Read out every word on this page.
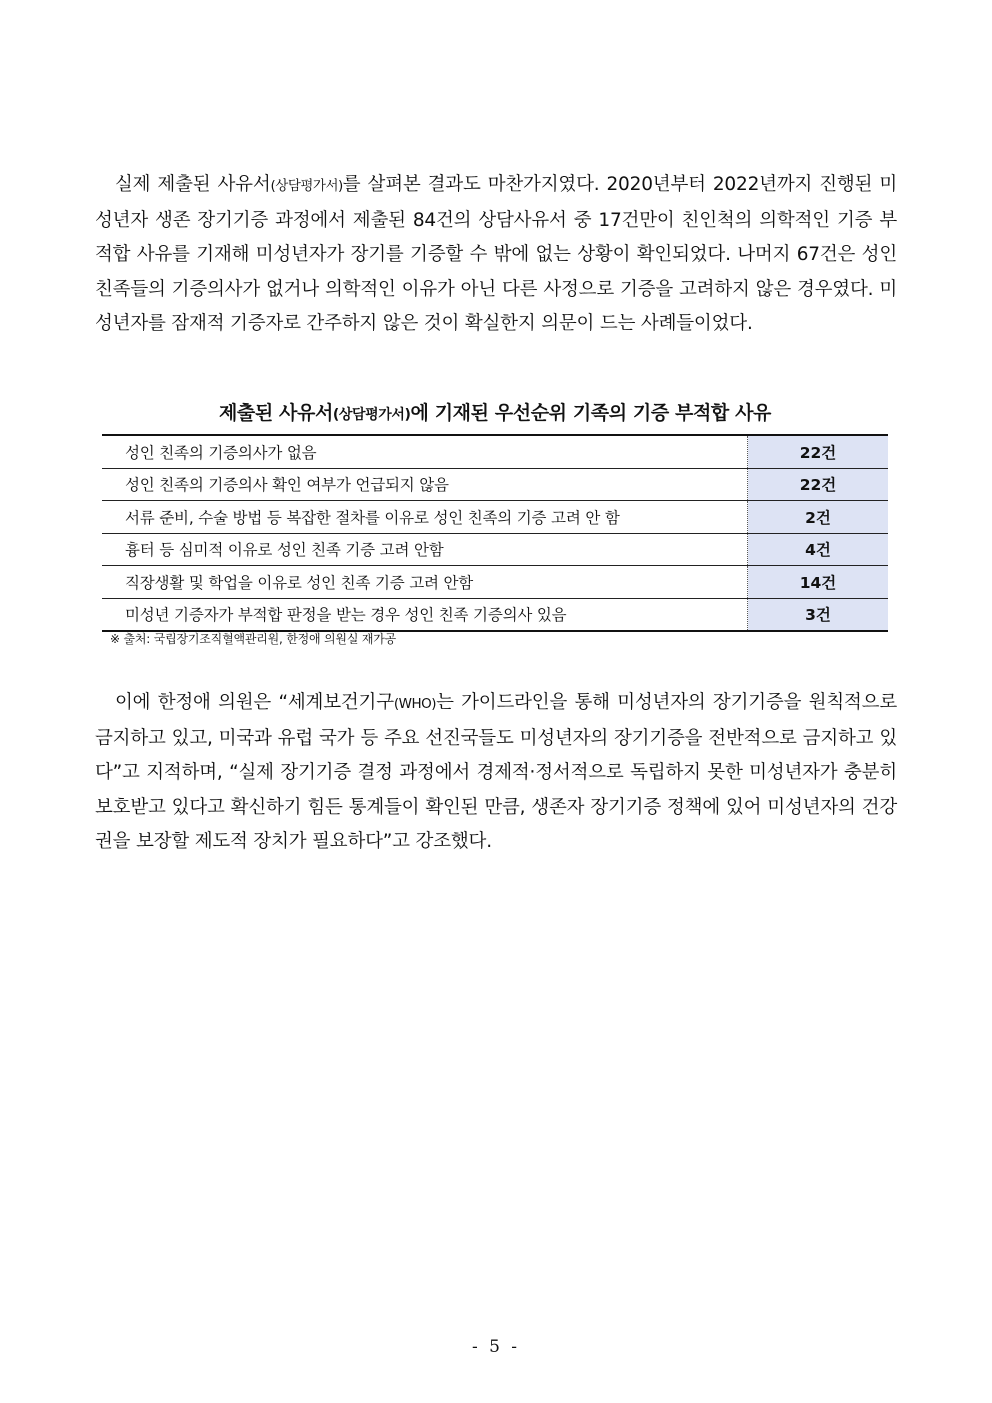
실제 제출된 사유서(상담평가서)를 살펴본 결과도 마찬가지였다. 2020년부터 2022년까지 진행된 미성년자 생존 장기기증 과정에서 제출된 84건의 상담사유서 중 17건만이 친인척의 의학적인 기증 부적합 사유를 기재해 미성년자가 장기를 기증할 수 밖에 없는 상황이 확인되었다. 나머지 67건은 성인 친족들의 기증의사가 없거나 의학적인 이유가 아닌 다른 사정으로 기증을 고려하지 않은 경우였다. 미성년자를 잠재적 기증자로 간주하지 않은 것이 확실한지 의문이 드는 사례들이었다.

제출된 사유서(상담평가서)에 기재된 우선순위 기족의 기증 부적합 사유
성인 친족의 기증의사가 없음	22건
성인 친족의 기증의사 확인 여부가 언급되지 않음	22건
서류 준비, 수술 방법 등 복잡한 절차를 이유로 성인 친족의 기증 고려 안 함	2건
흉터 등 심미적 이유로 성인 친족 기증 고려 안함	4건
직장생활 및 학업을 이유로 성인 친족 기증 고려 안함	14건
미성년 기증자가 부적합 판정을 받는 경우 성인 친족 기증의사 있음	3건
※ 출처: 국립장기조직혈액관리원, 한정애 의원실 재가공

이에 한정애 의원은 “세계보건기구(WHO)는 가이드라인을 통해 미성년자의 장기기증을 원칙적으로 금지하고 있고, 미국과 유럽 국가 등 주요 선진국들도 미성년자의 장기기증을 전반적으로 금지하고 있다”고 지적하며, “실제 장기기증 결정 과정에서 경제적·정서적으로 독립하지 못한 미성년자가 충분히 보호받고 있다고 확신하기 힘든 통계들이 확인된 만큼, 생존자 장기기증 정책에 있어 미성년자의 건강권을 보장할 제도적 장치가 필요하다”고 강조했다.

- 5 -
